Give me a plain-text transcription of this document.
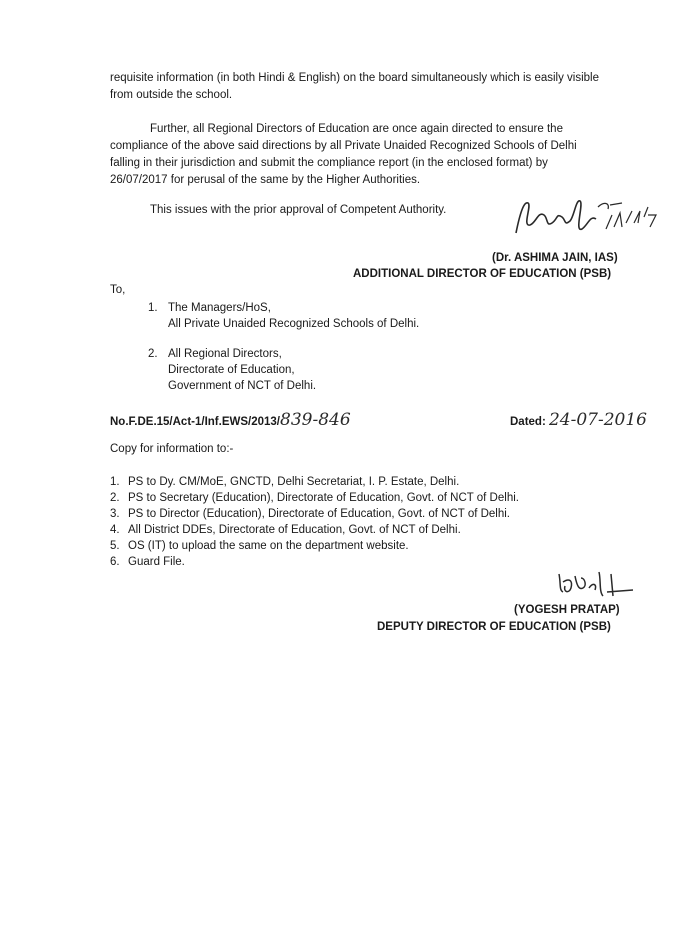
requisite information (in both Hindi & English) on the board simultaneously which is easily visible
from outside the school.
Further, all Regional Directors of Education are once again directed to ensure the
compliance of the above said directions by all Private Unaided Recognized Schools of Delhi
falling in their jurisdiction and submit the compliance report (in the enclosed format) by
26/07/2017 for perusal of the same by the Higher Authorities.
This issues with the prior approval of Competent Authority.
(Dr. ASHIMA JAIN, IAS)
ADDITIONAL DIRECTOR OF EDUCATION (PSB)
To,
1. The Managers/HoS,
All Private Unaided Recognized Schools of Delhi.
2. All Regional Directors,
Directorate of Education,
Government of NCT of Delhi.
No.F.DE.15/Act-1/Inf.EWS/2013/839-846	Dated: 24-07-2016
Copy for information to:-
1. PS to Dy. CM/MoE, GNCTD, Delhi Secretariat, I. P. Estate, Delhi.
2. PS to Secretary (Education), Directorate of Education, Govt. of NCT of Delhi.
3. PS to Director (Education), Directorate of Education, Govt. of NCT of Delhi.
4. All District DDEs, Directorate of Education, Govt. of NCT of Delhi.
5. OS (IT) to upload the same on the department website.
6. Guard File.
(YOGESH PRATAP)
DEPUTY DIRECTOR OF EDUCATION (PSB)
